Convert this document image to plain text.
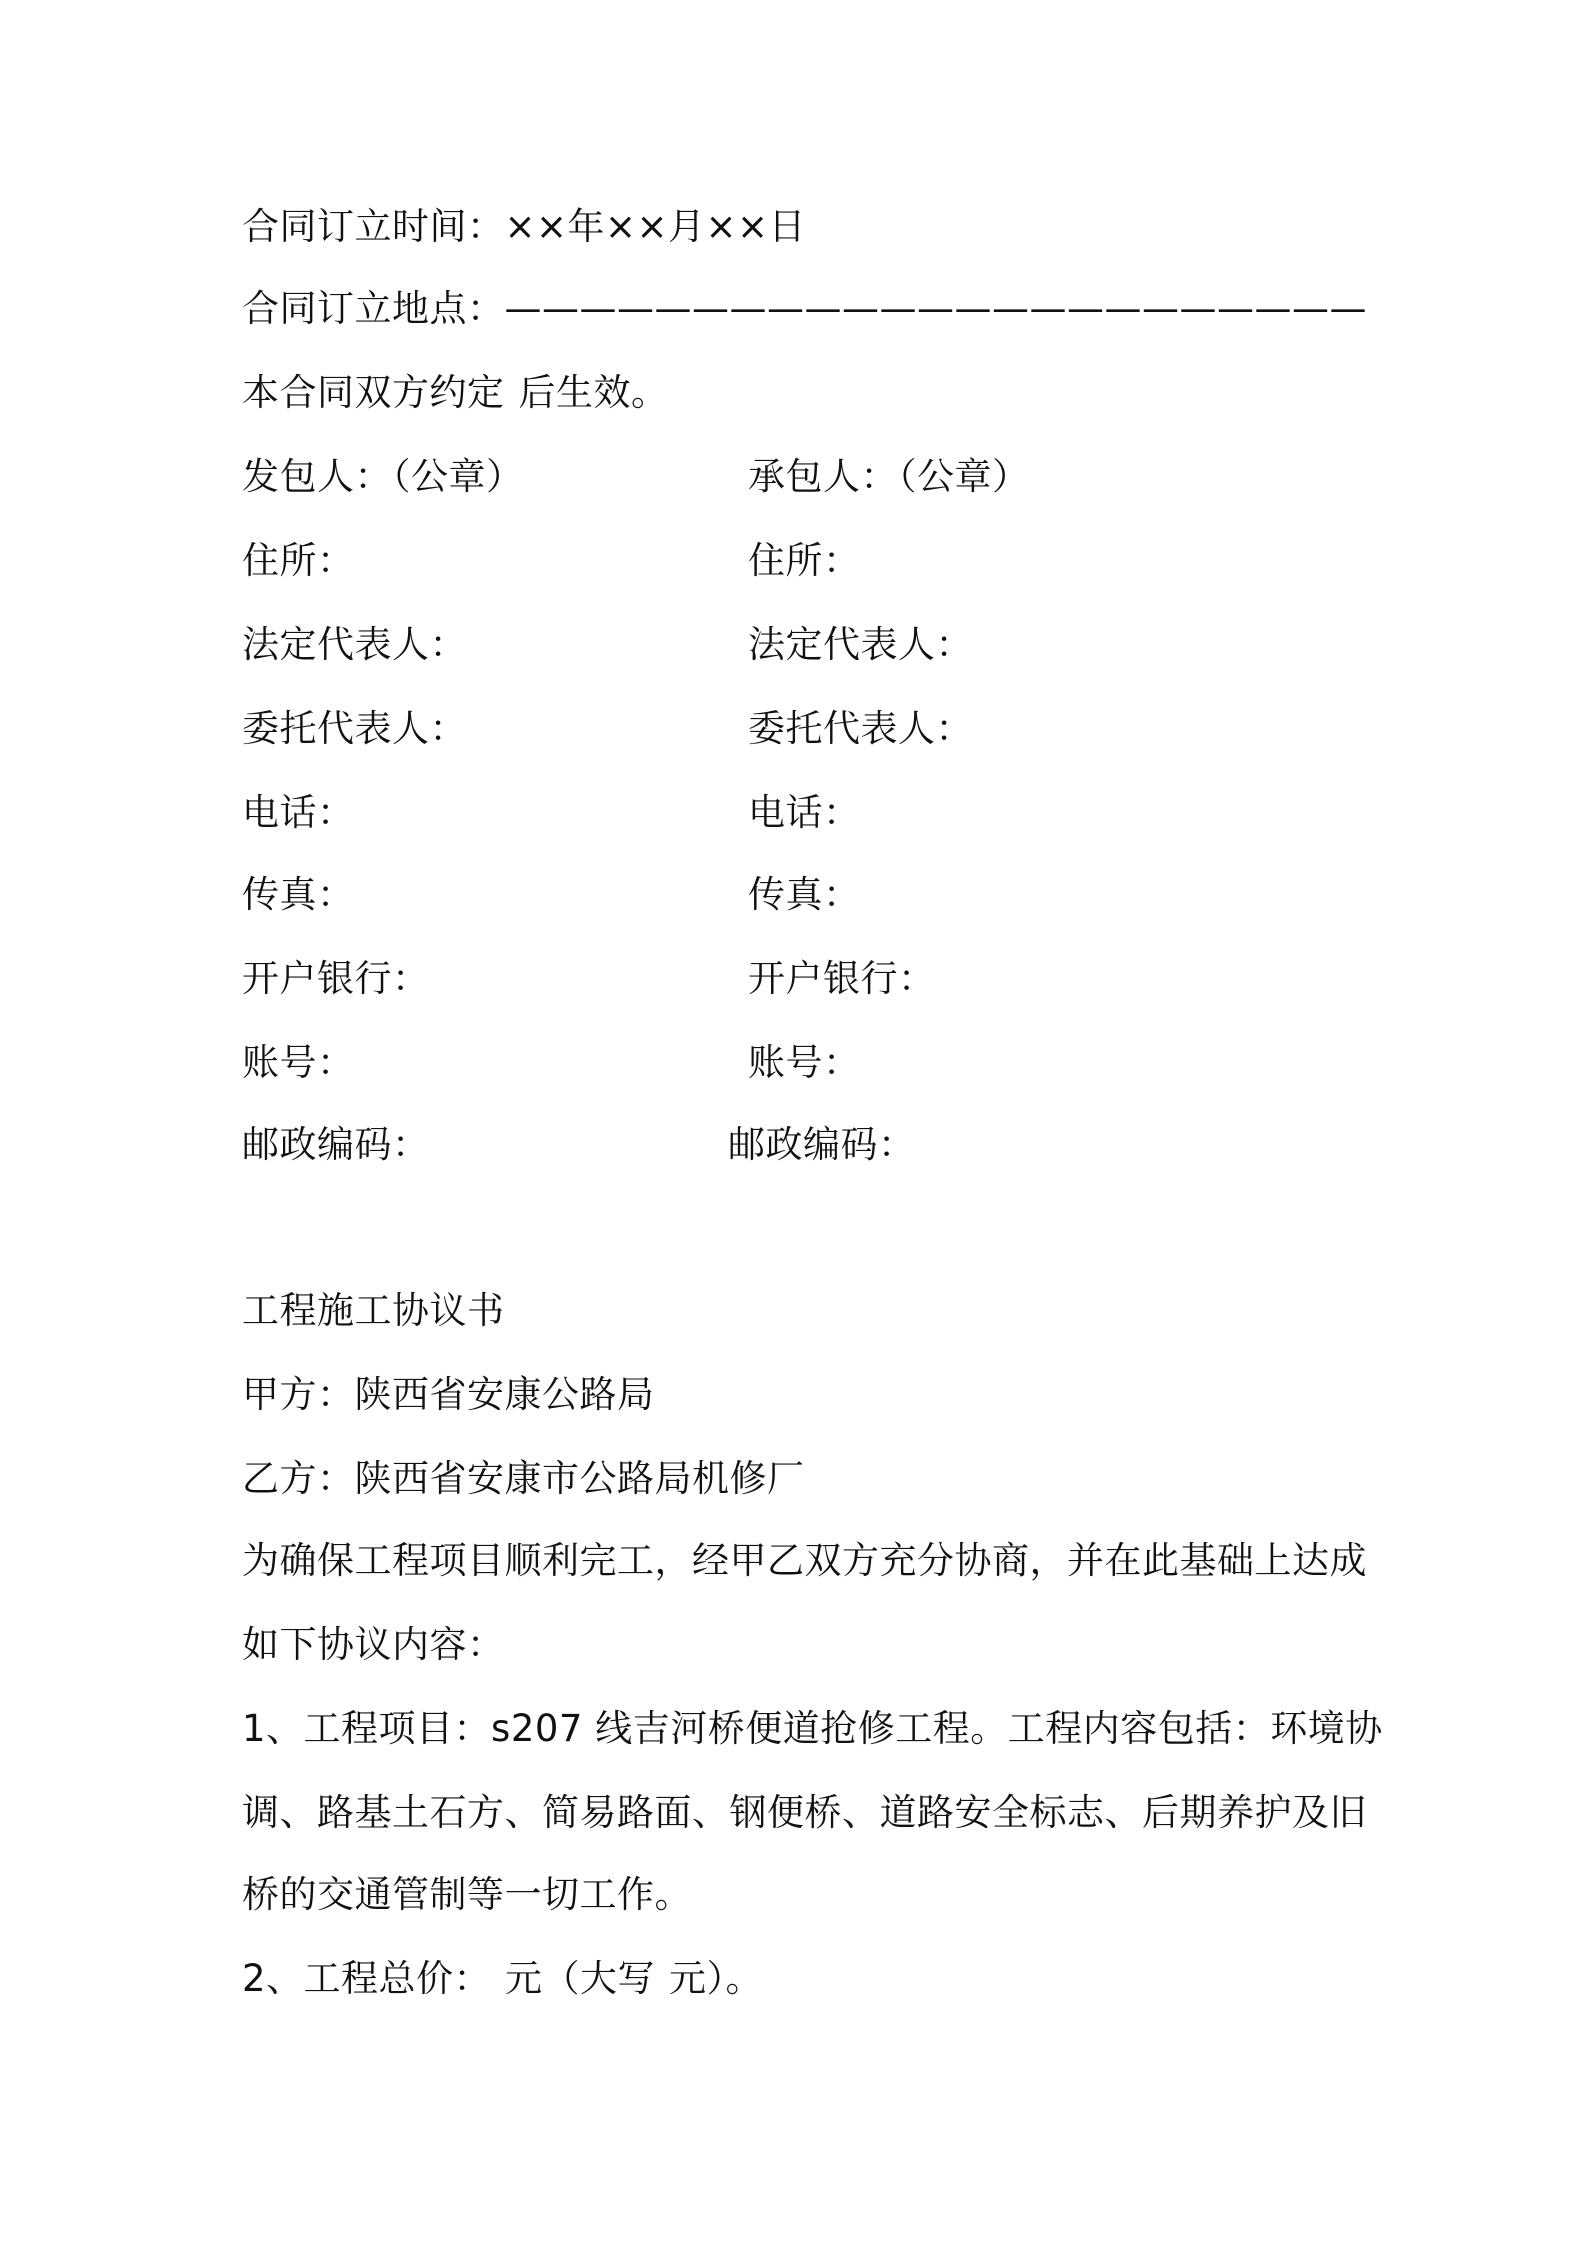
合同订立时间：××年××月××日
合同订立地点：———————————————————————
本合同双方约定 后生效。
发包人：（公章）	承包人：（公章）
住所：	住所：
法定代表人：	法定代表人：
委托代表人：	委托代表人：
电话：	电话：
传真：	传真：
开户银行：	开户银行：
账号：	账号：
邮政编码：	邮政编码：
工程施工协议书
甲方：陕西省安康公路局
乙方：陕西省安康市公路局机修厂
为确保工程项目顺利完工，经甲乙双方充分协商，并在此基础上达成
如下协议内容：
1、工程项目：s207 线吉河桥便道抢修工程。工程内容包括：环境协
调、路基土石方、简易路面、钢便桥、道路安全标志、后期养护及旧
桥的交通管制等一切工作。
2、工程总价： 元（大写 元）。
